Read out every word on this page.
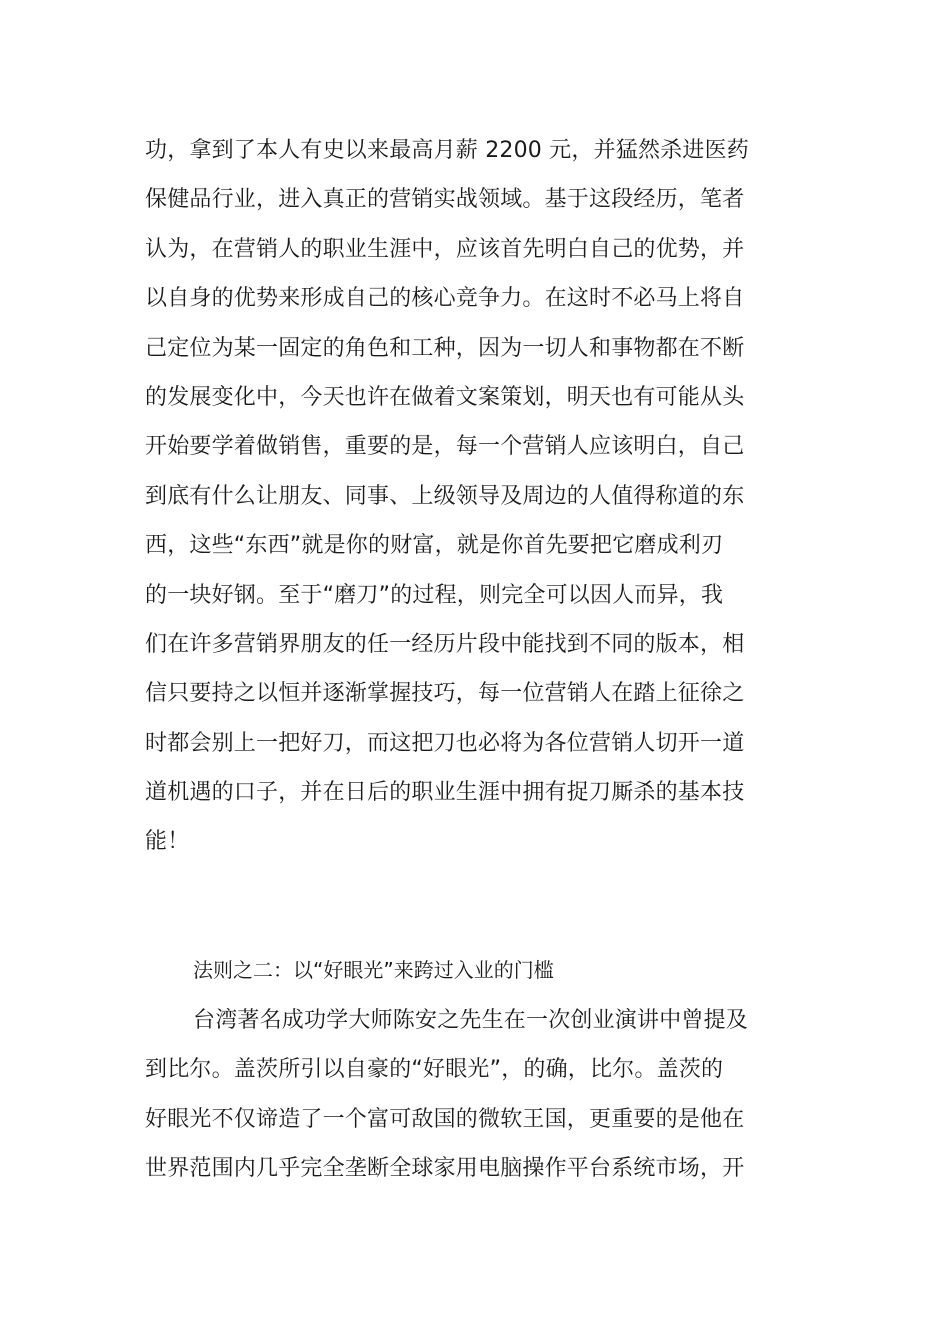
功，拿到了本人有史以来最高月薪 2200 元，并猛然杀进医药
保健品行业，进入真正的营销实战领域。基于这段经历，笔者
认为，在营销人的职业生涯中，应该首先明白自己的优势，并
以自身的优势来形成自己的核心竞争力。在这时不必马上将自
己定位为某一固定的角色和工种，因为一切人和事物都在不断
的发展变化中，今天也许在做着文案策划，明天也有可能从头
开始要学着做销售，重要的是，每一个营销人应该明白，自己
到底有什么让朋友、同事、上级领导及周边的人值得称道的东
西，这些“东西”就是你的财富，就是你首先要把它磨成利刃
的一块好钢。至于“磨刀”的过程，则完全可以因人而异，我
们在许多营销界朋友的任一经历片段中能找到不同的版本，相
信只要持之以恒并逐渐掌握技巧，每一位营销人在踏上征徐之
时都会别上一把好刀，而这把刀也必将为各位营销人切开一道
道机遇的口子，并在日后的职业生涯中拥有捉刀厮杀的基本技
能！
法则之二：以“好眼光”来跨过入业的门槛
台湾著名成功学大师陈安之先生在一次创业演讲中曾提及
到比尔。盖茨所引以自豪的“好眼光”，的确，比尔。盖茨的
好眼光不仅谛造了一个富可敌国的微软王国，更重要的是他在
世界范围内几乎完全垄断全球家用电脑操作平台系统市场，开
